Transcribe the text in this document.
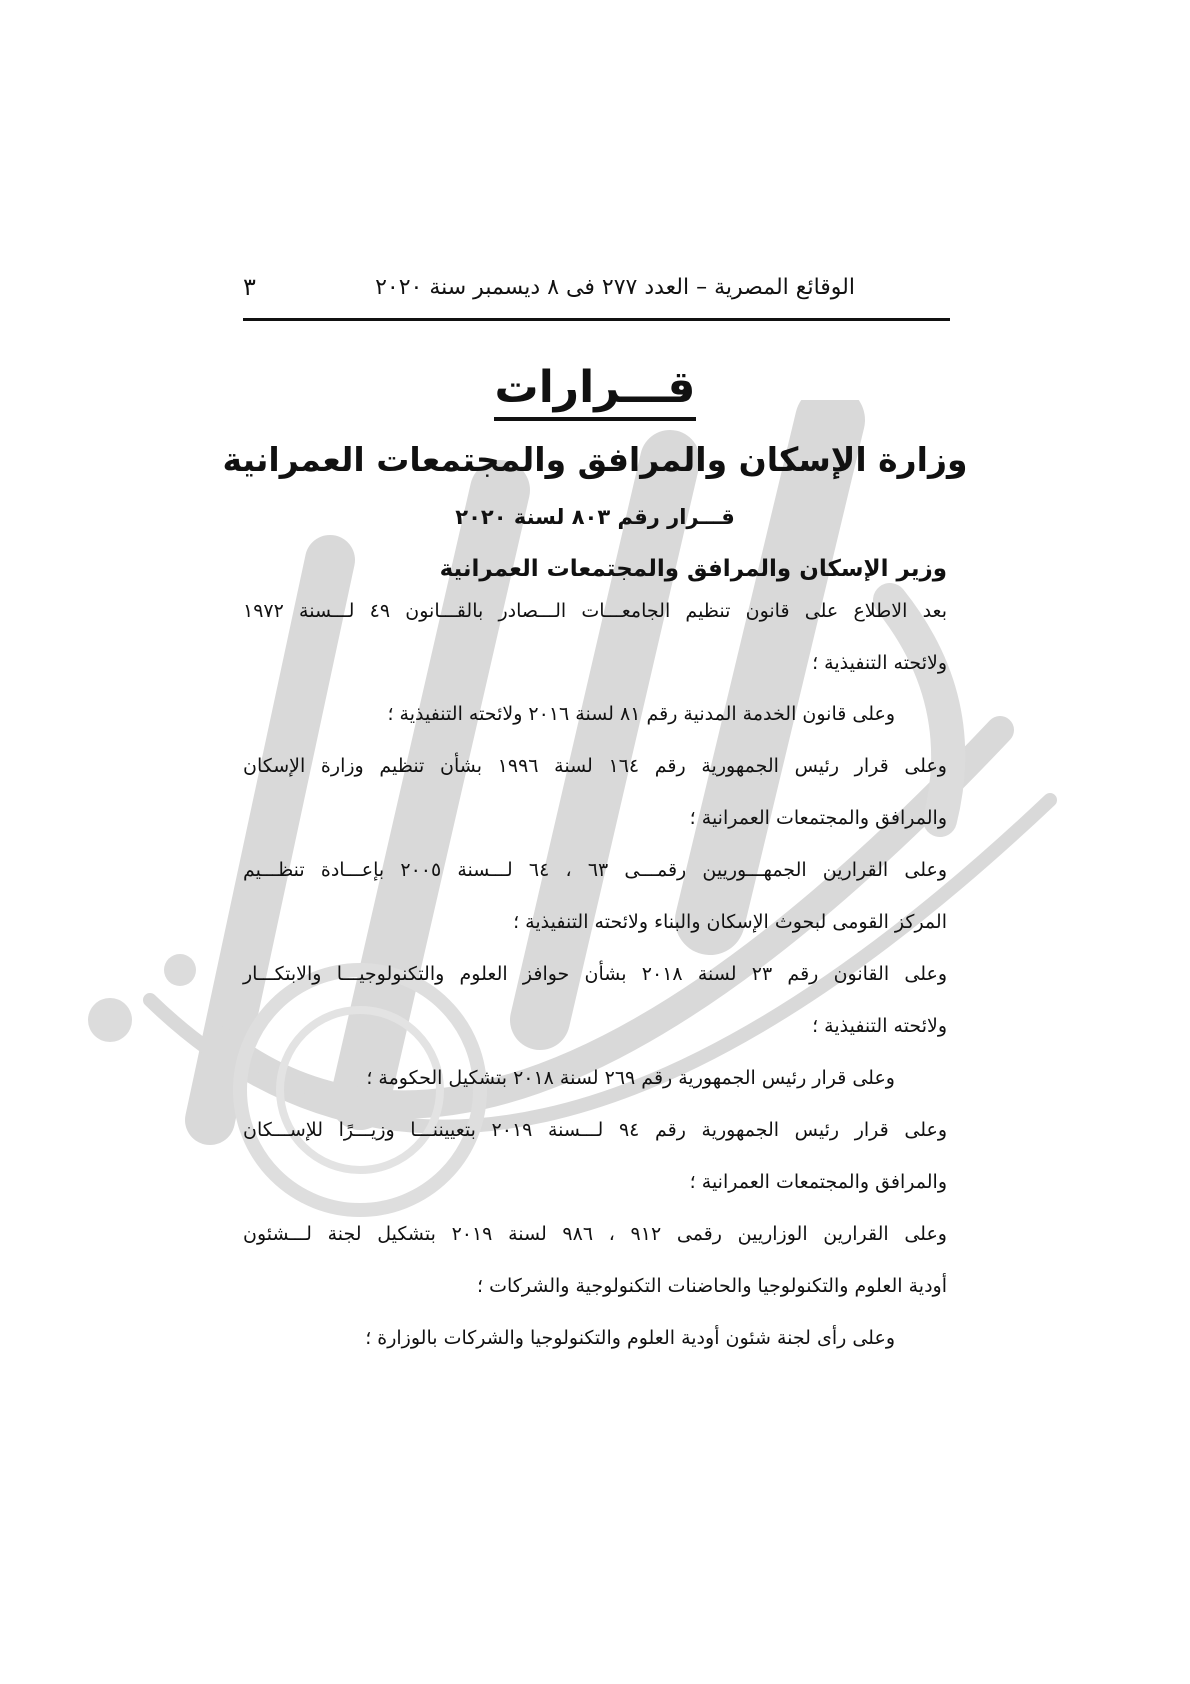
الوقائع المصرية – العدد ٢٧٧ فى ٨ ديسمبر سنة ٢٠٢٠
٣
قـــرارات
وزارة الإسكان والمرافق والمجتمعات العمرانية
قـــرار رقم ٨٠٣ لسنة ٢٠٢٠
وزير الإسكان والمرافق والمجتمعات العمرانية
بعد الاطلاع على قانون تنظيم الجامعـــات الـــصادر بالقـــانون ٤٩ لـــسنة ١٩٧٢
ولائحته التنفيذية ؛
وعلى قانون الخدمة المدنية رقم ٨١ لسنة ٢٠١٦ ولائحته التنفيذية ؛
وعلى قرار رئيس الجمهورية رقم ١٦٤ لسنة ١٩٩٦ بشأن تنظيم وزارة الإسكان
والمرافق والمجتمعات العمرانية ؛
وعلى القرارين الجمهـــوريين رقمـــى ٦٣ ، ٦٤ لـــسنة ٢٠٠٥ بإعـــادة تنظـــيم
المركز القومى لبحوث الإسكان والبناء ولائحته التنفيذية ؛
وعلى القانون رقم ٢٣ لسنة ٢٠١٨ بشأن حوافز العلوم والتكنولوجيـــا والابتكـــار
ولائحته التنفيذية ؛
وعلى قرار رئيس الجمهورية رقم ٢٦٩ لسنة ٢٠١٨ بتشكيل الحكومة ؛
وعلى قرار رئيس الجمهورية رقم ٩٤ لـــسنة ٢٠١٩ بتعييننـــا وزيـــرًا للإســـكان
والمرافق والمجتمعات العمرانية ؛
وعلى القرارين الوزاريين رقمى ٩١٢ ، ٩٨٦ لسنة ٢٠١٩ بتشكيل لجنة لـــشئون
أودية العلوم والتكنولوجيا والحاضنات التكنولوجية والشركات ؛
وعلى رأى لجنة شئون أودية العلوم والتكنولوجيا والشركات بالوزارة ؛
